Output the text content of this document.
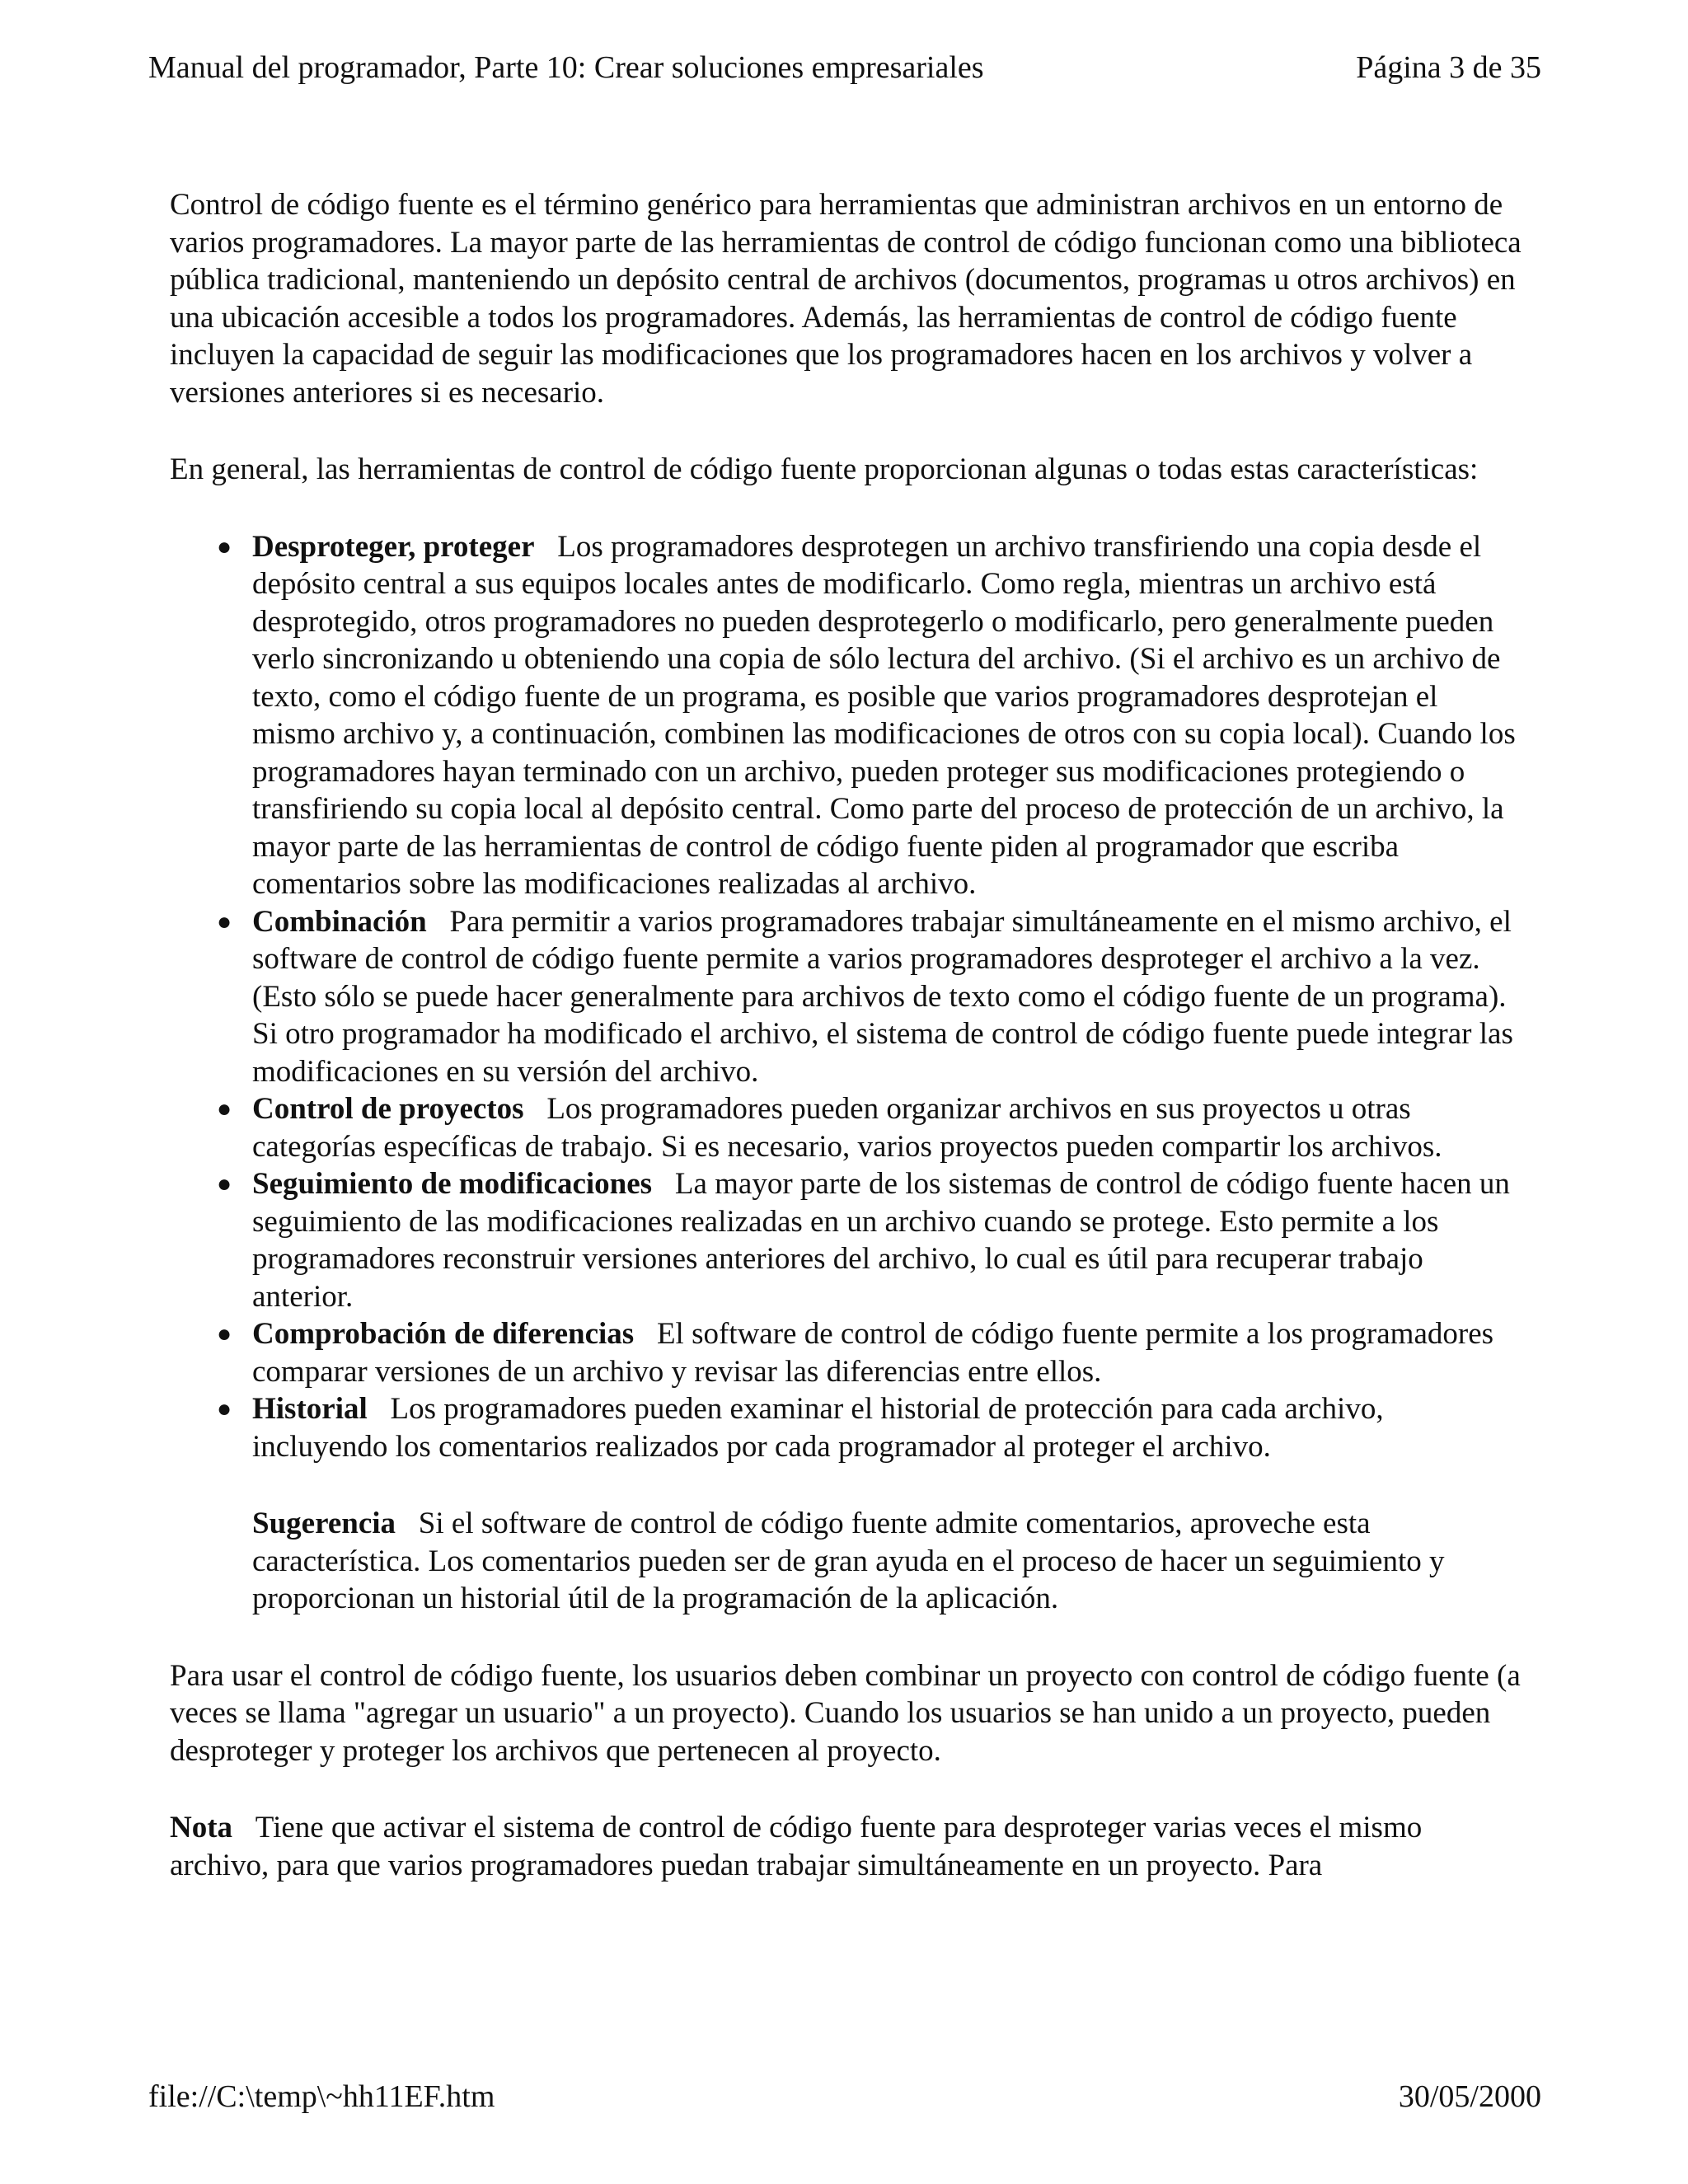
Manual del programador, Parte 10: Crear soluciones empresariales	Página 3 de 35

Control de código fuente es el término genérico para herramientas que administran archivos en un entorno de varios programadores. La mayor parte de las herramientas de control de código funcionan como una biblioteca pública tradicional, manteniendo un depósito central de archivos (documentos, programas u otros archivos) en una ubicación accesible a todos los programadores. Además, las herramientas de control de código fuente incluyen la capacidad de seguir las modificaciones que los programadores hacen en los archivos y volver a versiones anteriores si es necesario.

En general, las herramientas de control de código fuente proporcionan algunas o todas estas características:

● Desproteger, proteger Los programadores desprotegen un archivo transfiriendo una copia desde el depósito central a sus equipos locales antes de modificarlo. Como regla, mientras un archivo está desprotegido, otros programadores no pueden desprotegerlo o modificarlo, pero generalmente pueden verlo sincronizando u obteniendo una copia de sólo lectura del archivo. (Si el archivo es un archivo de texto, como el código fuente de un programa, es posible que varios programadores desprotejan el mismo archivo y, a continuación, combinen las modificaciones de otros con su copia local). Cuando los programadores hayan terminado con un archivo, pueden proteger sus modificaciones protegiendo o transfiriendo su copia local al depósito central. Como parte del proceso de protección de un archivo, la mayor parte de las herramientas de control de código fuente piden al programador que escriba comentarios sobre las modificaciones realizadas al archivo.
● Combinación Para permitir a varios programadores trabajar simultáneamente en el mismo archivo, el software de control de código fuente permite a varios programadores desproteger el archivo a la vez. (Esto sólo se puede hacer generalmente para archivos de texto como el código fuente de un programa). Si otro programador ha modificado el archivo, el sistema de control de código fuente puede integrar las modificaciones en su versión del archivo.
● Control de proyectos Los programadores pueden organizar archivos en sus proyectos u otras categorías específicas de trabajo. Si es necesario, varios proyectos pueden compartir los archivos.
● Seguimiento de modificaciones La mayor parte de los sistemas de control de código fuente hacen un seguimiento de las modificaciones realizadas en un archivo cuando se protege. Esto permite a los programadores reconstruir versiones anteriores del archivo, lo cual es útil para recuperar trabajo anterior.
● Comprobación de diferencias El software de control de código fuente permite a los programadores comparar versiones de un archivo y revisar las diferencias entre ellos.
● Historial Los programadores pueden examinar el historial de protección para cada archivo, incluyendo los comentarios realizados por cada programador al proteger el archivo.

Sugerencia Si el software de control de código fuente admite comentarios, aproveche esta característica. Los comentarios pueden ser de gran ayuda en el proceso de hacer un seguimiento y proporcionan un historial útil de la programación de la aplicación.

Para usar el control de código fuente, los usuarios deben combinar un proyecto con control de código fuente (a veces se llama "agregar un usuario" a un proyecto). Cuando los usuarios se han unido a un proyecto, pueden desproteger y proteger los archivos que pertenecen al proyecto.

Nota Tiene que activar el sistema de control de código fuente para desproteger varias veces el mismo archivo, para que varios programadores puedan trabajar simultáneamente en un proyecto. Para

file://C:\temp\~hh11EF.htm	30/05/2000
